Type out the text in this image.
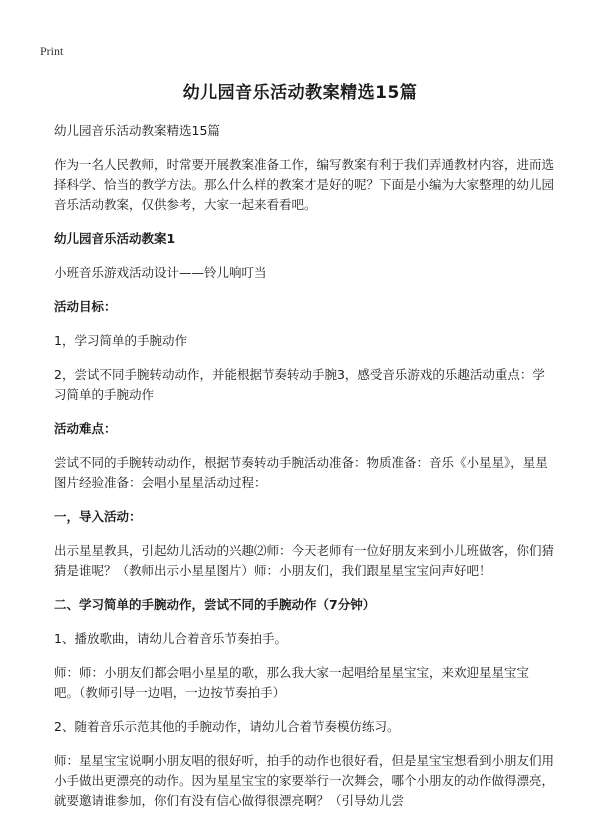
Print
幼儿园音乐活动教案精选15篇

幼儿园音乐活动教案精选15篇

作为一名人民教师，时常要开展教案准备工作，编写教案有利于我们弄通教材内容，进而选择科学、恰当的教学方法。那么什么样的教案才是好的呢？下面是小编为大家整理的幼儿园音乐活动教案，仅供参考，大家一起来看看吧。

幼儿园音乐活动教案1

小班音乐游戏活动设计——铃儿响叮当

活动目标：

1，学习简单的手腕动作

2，尝试不同手腕转动动作，并能根据节奏转动手腕3，感受音乐游戏的乐趣活动重点：学习简单的手腕动作

活动难点：

尝试不同的手腕转动动作，根据节奏转动手腕活动准备：物质准备：音乐《小星星》，星星图片经验准备：会唱小星星活动过程：

一，导入活动：

出示星星教具，引起幼儿活动的兴趣⑵师：今天老师有一位好朋友来到小儿班做客，你们猜猜是谁呢？（教师出示小星星图片）师：小朋友们，我们跟星星宝宝问声好吧！

二、学习简单的手腕动作，尝试不同的手腕动作（7分钟）

1、播放歌曲，请幼儿合着音乐节奏拍手。

师：师：小朋友们都会唱小星星的歌，那么我大家一起唱给星星宝宝，来欢迎星星宝宝吧。（教师引导一边唱，一边按节奏拍手）

2、随着音乐示范其他的手腕动作，请幼儿合着节奏模仿练习。

师：星星宝宝说啊小朋友唱的很好听，拍手的动作也很好看，但是星宝宝想看到小朋友们用小手做出更漂亮的动作。因为星星宝宝的家要举行一次舞会，哪个小朋友的动作做得漂亮，就要邀请谁参加，你们有没有信心做得很漂亮啊？（引导幼儿尝
